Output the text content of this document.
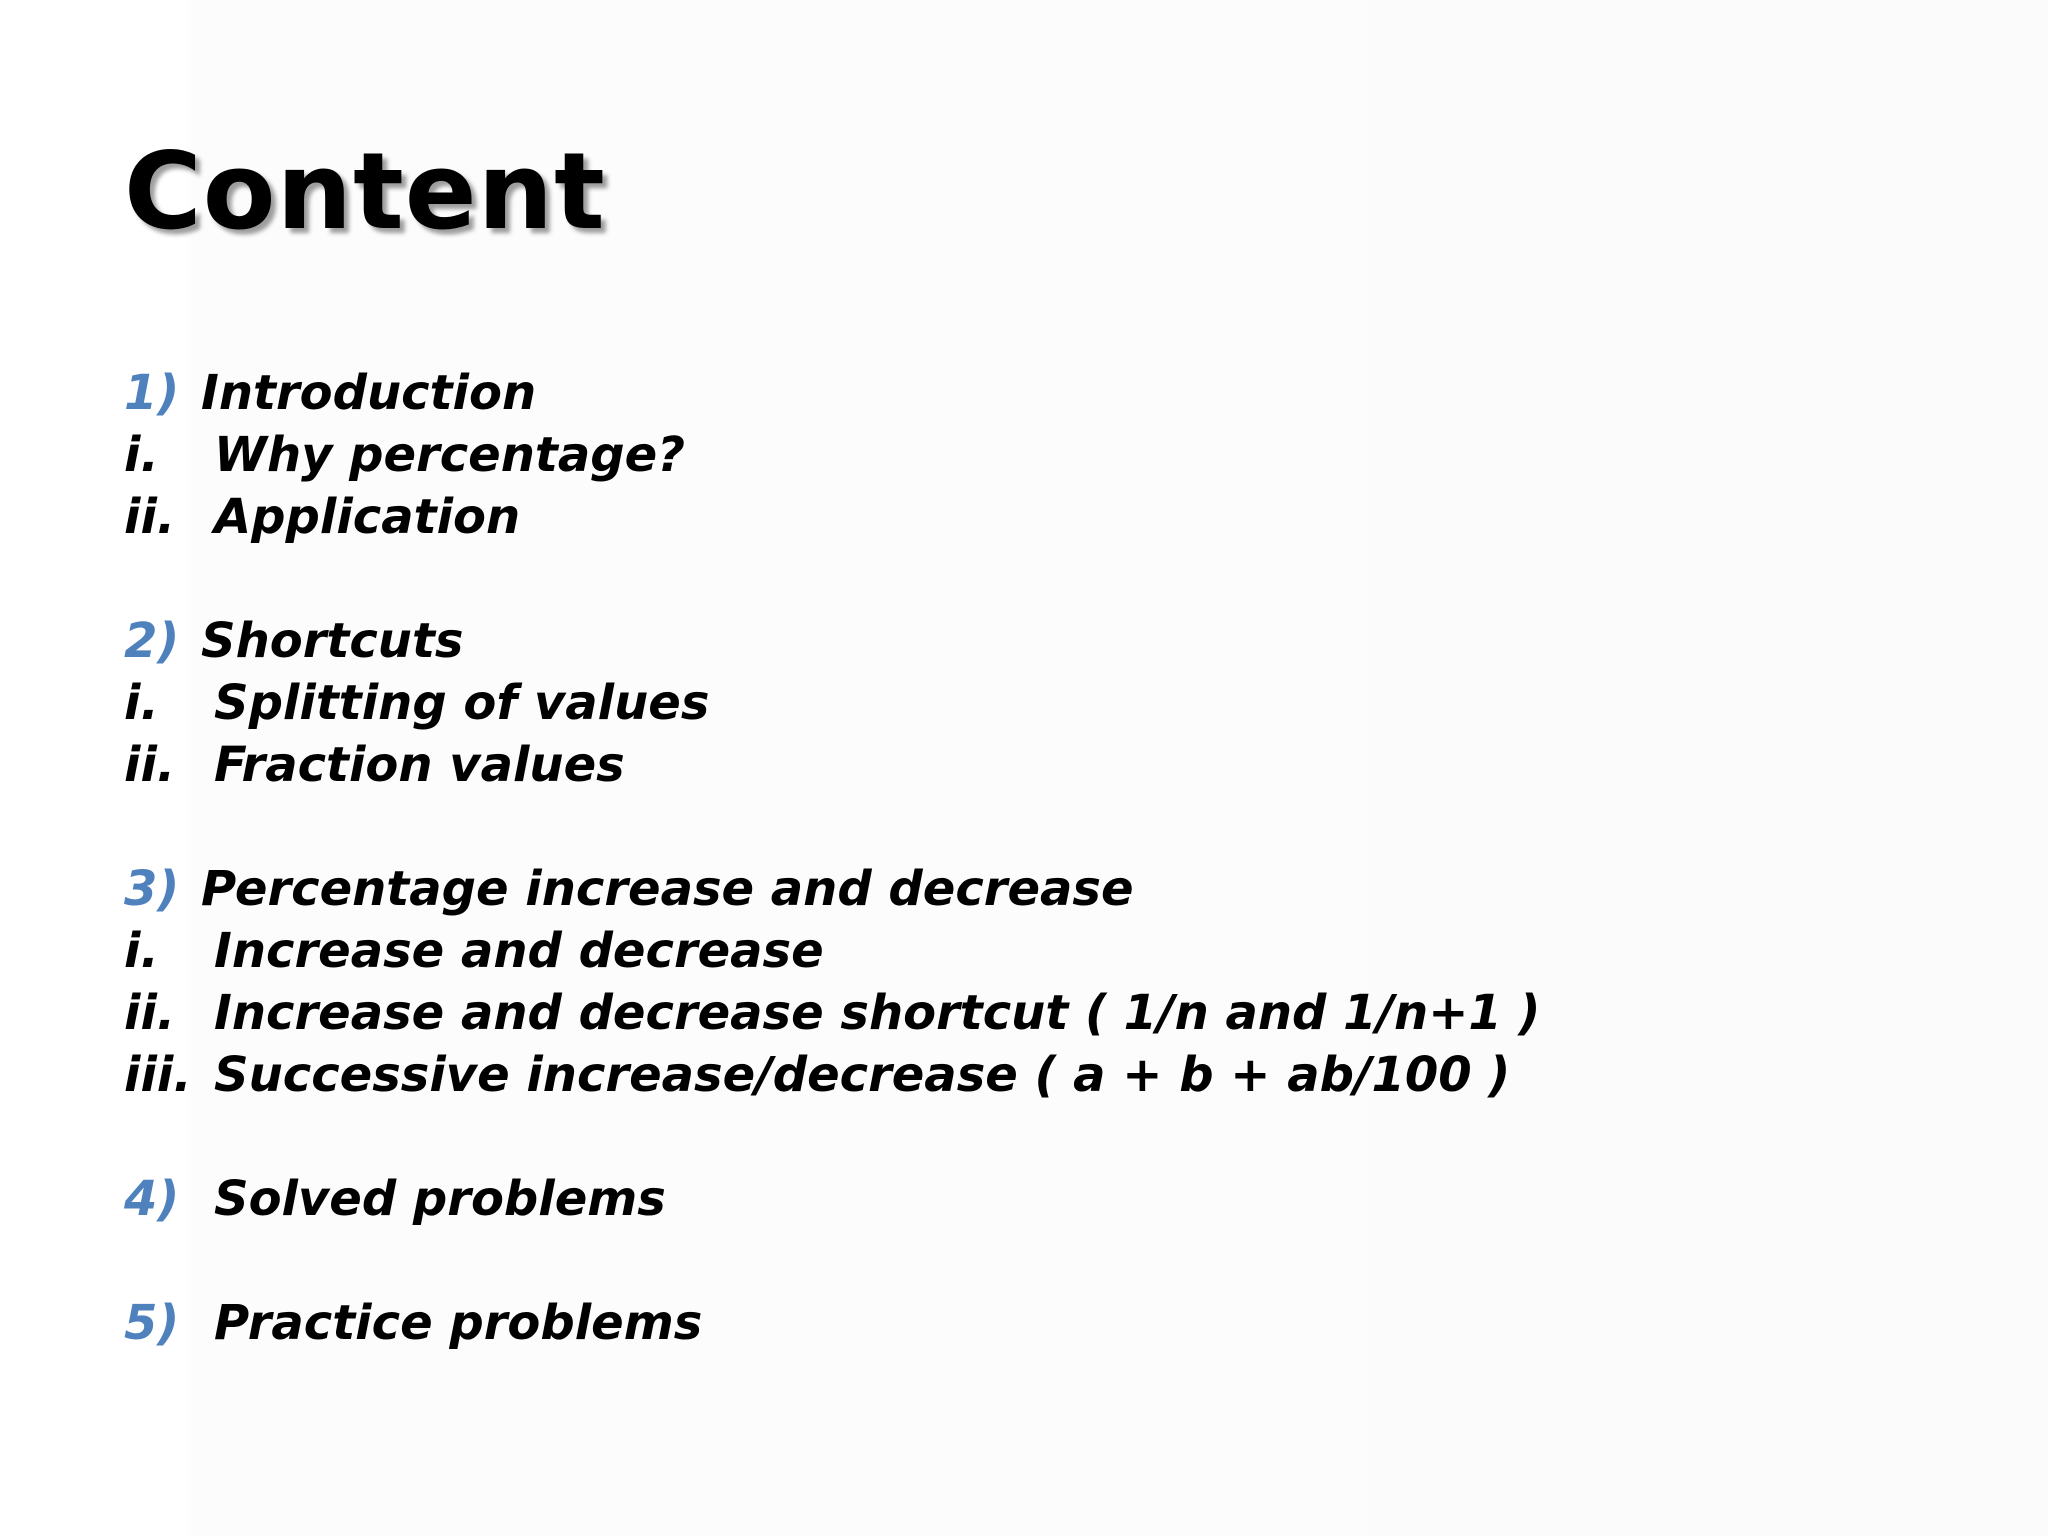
Content
1) Introduction
i. Why percentage?
ii. Application
2) Shortcuts
i. Splitting of values
ii. Fraction values
3) Percentage increase and decrease
i. Increase and decrease
ii. Increase and decrease shortcut ( 1/n and 1/n+1 )
iii. Successive increase/decrease ( a + b + ab/100 )
4) Solved problems
5) Practice problems
